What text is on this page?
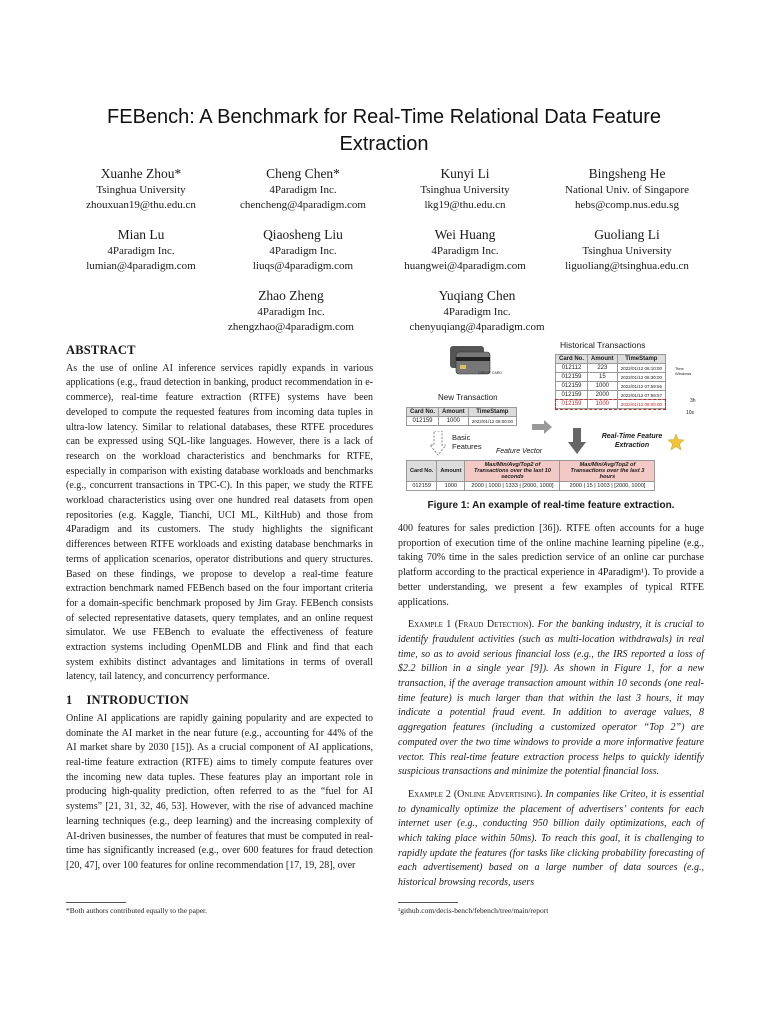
FEBench: A Benchmark for Real-Time Relational Data Feature
Extraction
Xuanhe Zhou*
Tsinghua University
zhouxuan19@thu.edu.cn
Cheng Chen*
4Paradigm Inc.
chencheng@4paradigm.com
Kunyi Li
Tsinghua University
lkg19@thu.edu.cn
Bingsheng He
National Univ. of Singapore
hebs@comp.nus.edu.sg
Mian Lu
4Paradigm Inc.
lumian@4paradigm.com
Qiaosheng Liu
4Paradigm Inc.
liuqs@4paradigm.com
Wei Huang
4Paradigm Inc.
huangwei@4paradigm.com
Guoliang Li
Tsinghua University
liguoliang@tsinghua.edu.cn
Zhao Zheng
4Paradigm Inc.
zhengzhao@4paradigm.com
Yuqiang Chen
4Paradigm Inc.
chenyuqiang@4paradigm.com
ABSTRACT

As the use of online AI inference services rapidly expands in various applications (e.g., fraud detection in banking, product recommendation in e-commerce), real-time feature extraction (RTFE) systems have been developed to compute the requested features from incoming data tuples in ultra-low latency. Similar to relational databases, these RTFE procedures can be expressed using SQL-like languages. However, there is a lack of research on the workload characteristics and benchmarks for RTFE, especially in comparison with existing database workloads and benchmarks (e.g., concurrent transactions in TPC-C). In this paper, we study the RTFE workload characteristics using over one hundred real datasets from open repositories (e.g. Kaggle, Tianchi, UCI ML, KiltHub) and those from 4Paradigm and its customers. The study highlights the significant differences between RTFE workloads and existing database benchmarks in terms of application scenarios, operator distributions and query structures. Based on these findings, we propose to develop a real-time feature extraction benchmark named FEBench based on the four important criteria for a domain-specific benchmark proposed by Jim Gray. FEBench consists of selected representative datasets, query templates, and an online request simulator. We use FEBench to evaluate the effectiveness of feature extraction systems including OpenMLDB and Flink and find that each system exhibits distinct advantages and limitations in terms of overall latency, tail latency, and concurrency performance.

1 INTRODUCTION

Online AI applications are rapidly gaining popularity and are expected to dominate the AI market in the near future (e.g., accounting for 44% of the AI market share by 2030 [15]). As a crucial component of AI applications, real-time feature extraction (RTFE) aims to timely compute features over the incoming new data tuples. These features play an important role in producing high-quality prediction, often referred to as the “fuel for AI systems” [21, 31, 32, 46, 53]. However, with the rise of advanced machine learning techniques (e.g., deep learning) and the increasing complexity of AI-driven businesses, the number of features that must be computed in real-time has significantly increased (e.g., over 600 features for fraud detection [20, 47], over 100 features for online recommendation [17, 19, 28], over

*Both authors contributed equally to the paper.
CREDIT CARD
Historical Transactions
Card No.	Amount	TimeStamp
012112	223	2022/01/12 06:10:00
012159	15	2022/01/12 06:30:00
012159	1000	2022/01/12 07:59:56
012159	2000	2022/01/12 07:59:57
012159	1000	2022/01/12 08:00:00
Time Windows
3h
10s
New Transaction
Card No.	Amount	TimeStamp
012159	1000	2022/01/12 08:00:00
Basic Features
Feature Vector
Real-Time Feature Extraction
Card No.	Amount	Max/Min/Avg/Top2 of Transactions over the last 10 seconds	Max/Min/Avg/Top2 of Transactions over the last 3 hours
012159	1000	2000 | 1000 | 1333 | [2000, 1000]	2000 | 15 | 1003 | [2000, 1000]
Figure 1: An example of real-time feature extraction.

400 features for sales prediction [36]). RTFE often accounts for a huge proportion of execution time of the online machine learning pipeline (e.g., taking 70% time in the sales prediction service of an online car purchase platform according to the practical experience in 4Paradigm¹). To provide a better understanding, we present a few examples of typical RTFE applications.

Example 1 (Fraud Detection). For the banking industry, it is crucial to identify fraudulent activities (such as multi-location withdrawals) in real time, so as to avoid serious financial loss (e.g., the IRS reported a loss of $2.2 billion in a single year [9]). As shown in Figure 1, for a new transaction, if the average transaction amount within 10 seconds (one real-time feature) is much larger than that within the last 3 hours, it may indicate a potential fraud event. In addition to average values, 8 aggregation features (including a customized operator “Top 2”) are computed over the two time windows to provide a more informative feature vector. This real-time feature extraction process helps to quickly identify suspicious transactions and minimize the potential financial loss.

Example 2 (Online Advertising). In companies like Criteo, it is essential to dynamically optimize the placement of advertisers’ contents for each internet user (e.g., conducting 950 billion daily optimizations, each of which taking place within 50ms). To reach this goal, it is challenging to rapidly update the features (for tasks like clicking probability forecasting of each advertisement) based on a large number of data sources (e.g., historical browsing records, users

¹github.com/decis-bench/febench/tree/main/report
